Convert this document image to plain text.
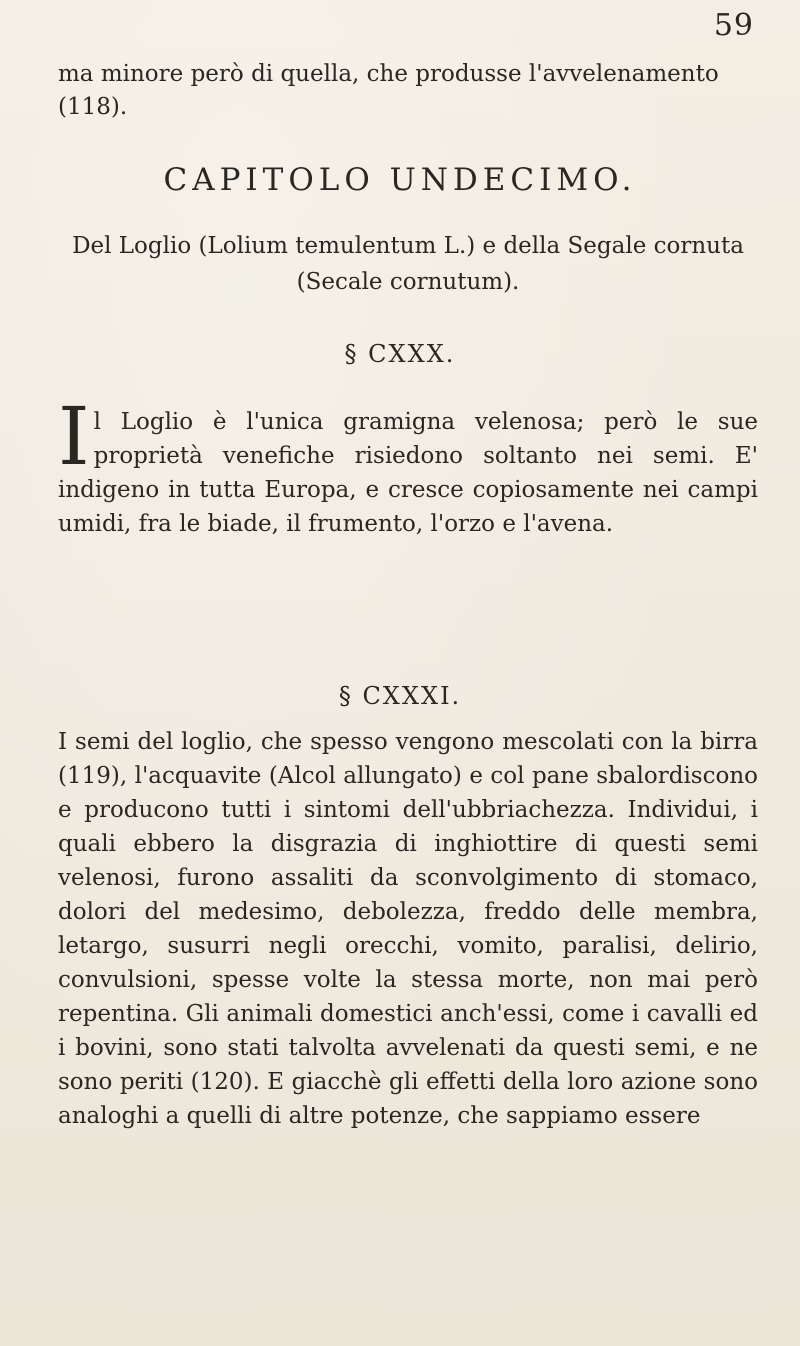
59

ma minore però di quella, che produsse l'avvelenamento (118).

CAPITOLO UNDECIMO.

Del Loglio (Lolium temulentum L.) e della Segale cornuta (Secale cornutum).

§ CXXX.

Il Loglio è l'unica gramigna velenosa; però le sue proprietà venefiche risiedono soltanto nei semi. E' indigeno in tutta Europa, e cresce copiosamente nei campi umidi, fra le biade, il frumento, l'orzo e l'avena.

§ CXXXI.

I semi del loglio, che spesso vengono mescolati con la birra (119), l'acquavite (Alcol allungato) e col pane sbalordiscono e producono tutti i sintomi dell'ubbriachezza. Individui, i quali ebbero la disgrazia di inghiottire di questi semi velenosi, furono assaliti da sconvolgimento di stomaco, dolori del medesimo, debolezza, freddo delle membra, letargo, susurri negli orecchi, vomito, paralisi, delirio, convulsioni, spesse volte la stessa morte, non mai però repentina. Gli animali domestici anch'essi, come i cavalli ed i bovini, sono stati talvolta avvelenati da questi semi, e ne sono periti (120). E giacchè gli effetti della loro azione sono analoghi a quelli di altre potenze, che sappiamo essere
